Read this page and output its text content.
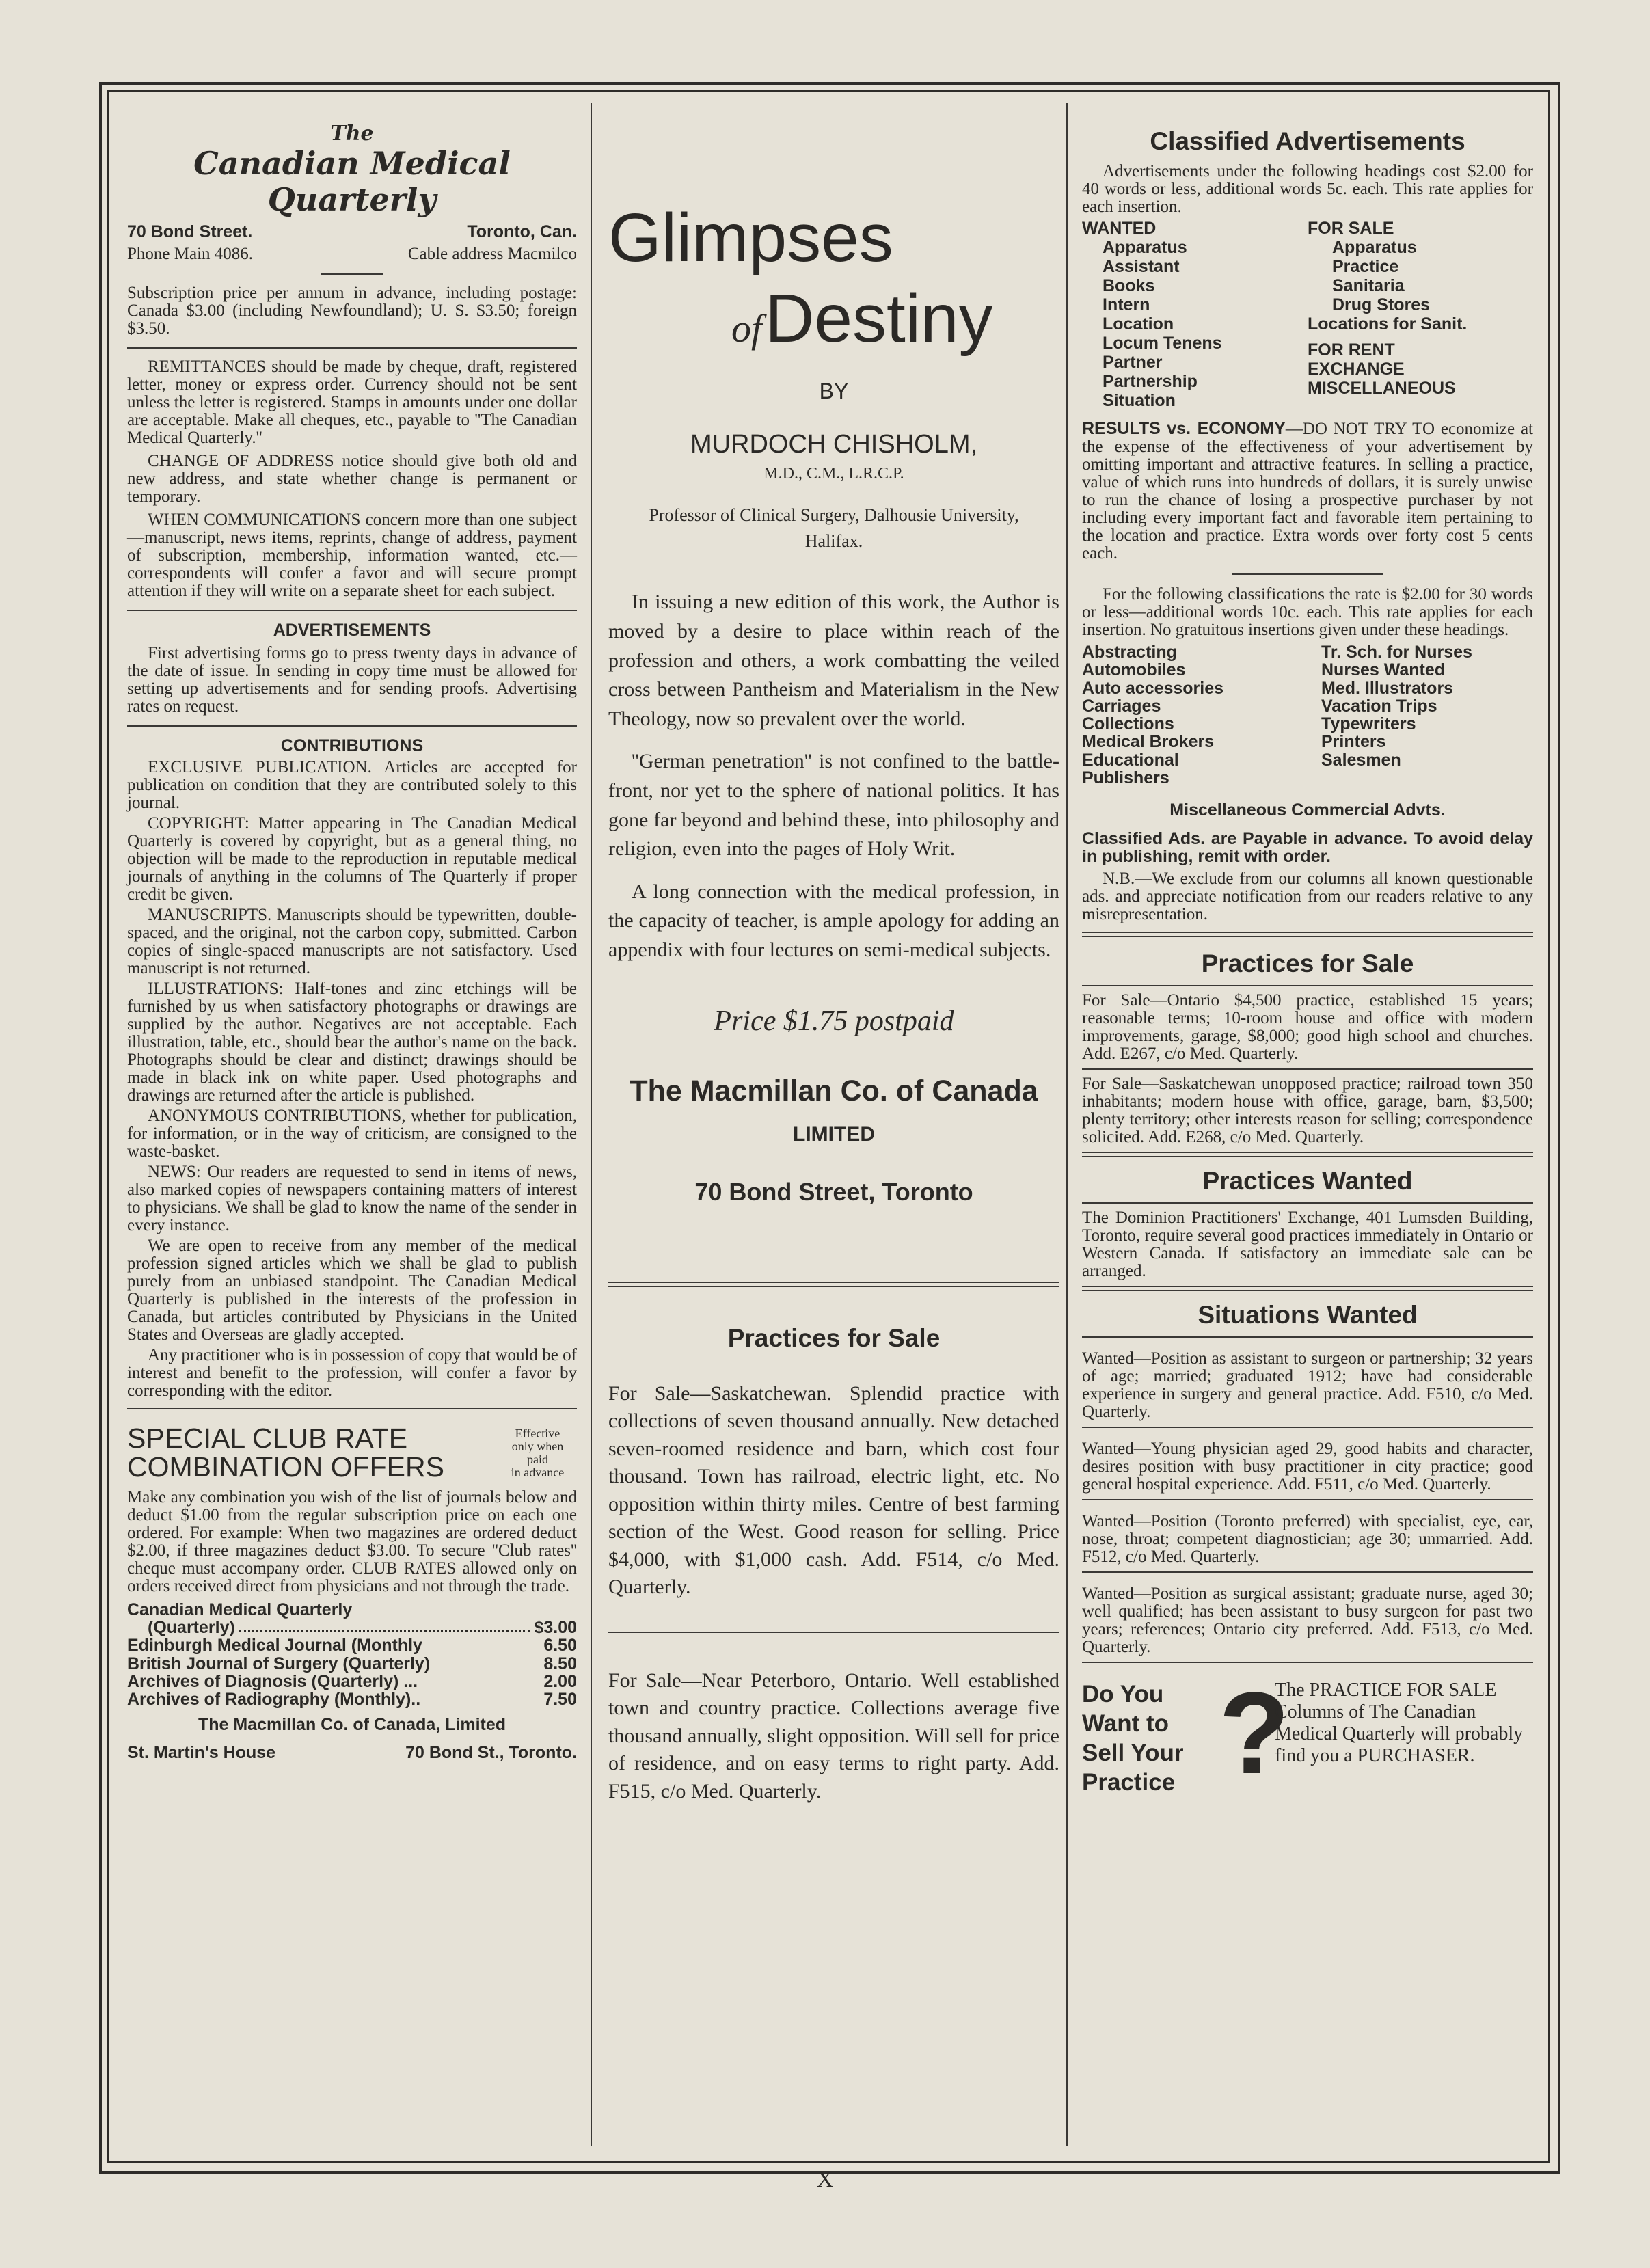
The
Canadian Medical Quarterly
70 Bond Street.	Toronto, Can.
Phone Main 4086.	Cable address Macmilco

Subscription price per annum in advance, including postage: Canada $3.00 (including Newfoundland); U. S. $3.50; foreign $3.50.

REMITTANCES should be made by cheque, draft, registered letter, money or express order. Currency should not be sent unless the letter is registered. Stamps in amounts under one dollar are acceptable. Make all cheques, etc., payable to ''The Canadian Medical Quarterly.''

CHANGE OF ADDRESS notice should give both old and new address, and state whether change is permanent or temporary.

WHEN COMMUNICATIONS concern more than one subject—manuscript, news items, reprints, change of address, payment of subscription, membership, information wanted, etc.—correspondents will confer a favor and will secure prompt attention if they will write on a separate sheet for each subject.

ADVERTISEMENTS

First advertising forms go to press twenty days in advance of the date of issue. In sending in copy time must be allowed for setting up advertisements and for sending proofs. Advertising rates on request.

CONTRIBUTIONS

EXCLUSIVE PUBLICATION. Articles are accepted for publication on condition that they are contributed solely to this journal.

COPYRIGHT: Matter appearing in The Canadian Medical Quarterly is covered by copyright, but as a general thing, no objection will be made to the reproduction in reputable medical journals of anything in the columns of The Quarterly if proper credit be given.

MANUSCRIPTS. Manuscripts should be typewritten, double-spaced, and the original, not the carbon copy, submitted. Carbon copies of single-spaced manuscripts are not satisfactory. Used manuscript is not returned.

ILLUSTRATIONS: Half-tones and zinc etchings will be furnished by us when satisfactory photographs or drawings are supplied by the author. Negatives are not acceptable. Each illustration, table, etc., should bear the author's name on the back. Photographs should be clear and distinct; drawings should be made in black ink on white paper. Used photographs and drawings are returned after the article is published.

ANONYMOUS CONTRIBUTIONS, whether for publication, for information, or in the way of criticism, are consigned to the waste-basket.

NEWS: Our readers are requested to send in items of news, also marked copies of newspapers containing matters of interest to physicians. We shall be glad to know the name of the sender in every instance.

We are open to receive from any member of the medical profession signed articles which we shall be glad to publish purely from an unbiased standpoint. The Canadian Medical Quarterly is published in the interests of the profession in Canada, but articles contributed by Physicians in the United States and Overseas are gladly accepted.

Any practitioner who is in possession of copy that would be of interest and benefit to the profession, will confer a favor by corresponding with the editor.

SPECIAL CLUB RATE
COMBINATION OFFERS
Effective
only when
paid
in advance

Make any combination you wish of the list of journals below and deduct $1.00 from the regular subscription price on each one ordered. For example: When two magazines are ordered deduct $2.00, if three magazines deduct $3.00. To secure ''Club rates'' cheque must accompany order. CLUB RATES allowed only on orders received direct from physicians and not through the trade.

Canadian Medical Quarterly
(Quarterly)	$3.00
Edinburgh Medical Journal (Monthly	6.50
British Journal of Surgery (Quarterly)	8.50
Archives of Diagnosis (Quarterly) ...	2.00
Archives of Radiography (Monthly)..	7.50
The Macmillan Co. of Canada, Limited
St. Martin's House	70 Bond St., Toronto.
Glimpses
of Destiny
BY
MURDOCH CHISHOLM,
M.D., C.M., L.R.C.P.
Professor of Clinical Surgery, Dalhousie University, Halifax.

In issuing a new edition of this work, the Author is moved by a desire to place within reach of the profession and others, a work combatting the veiled cross between Pantheism and Materialism in the New Theology, now so prevalent over the world.

''German penetration'' is not confined to the battle-front, nor yet to the sphere of national politics. It has gone far beyond and behind these, into philosophy and religion, even into the pages of Holy Writ.

A long connection with the medical profession, in the capacity of teacher, is ample apology for adding an appendix with four lectures on semi-medical subjects.

Price $1.75 postpaid
The Macmillan Co. of Canada
LIMITED
70 Bond Street, Toronto
Practices for Sale

For Sale—Saskatchewan. Splendid practice with collections of seven thousand annually. New detached seven-roomed residence and barn, which cost four thousand. Town has railroad, electric light, etc. No opposition within thirty miles. Centre of best farming section of the West. Good reason for selling. Price $4,000, with $1,000 cash. Add. F514, c/o Med. Quarterly.

For Sale—Near Peterboro, Ontario. Well established town and country practice. Collections average five thousand annually, slight opposition. Will sell for price of residence, and on easy terms to right party. Add. F515, c/o Med. Quarterly.

Classified Advertisements

Advertisements under the following headings cost $2.00 for 40 words or less, additional words 5c. each. This rate applies for each insertion.

WANTED
Apparatus
Assistant
Books
Intern
Location
Locum Tenens
Partner
Partnership
Situation
FOR SALE
Apparatus
Practice
Sanitaria
Drug Stores
Locations for Sanit.
FOR RENT
EXCHANGE
MISCELLANEOUS

RESULTS vs. ECONOMY—DO NOT TRY TO economize at the expense of the effectiveness of your advertisement by omitting important and attractive features. In selling a practice, value of which runs into hundreds of dollars, it is surely unwise to run the chance of losing a prospective purchaser by not including every important fact and favorable item pertaining to the location and practice. Extra words over forty cost 5 cents each.

For the following classifications the rate is $2.00 for 30 words or less—additional words 10c. each. This rate applies for each insertion. No gratuitous insertions given under these headings.

Abstracting
Automobiles
Auto accessories
Carriages
Collections
Medical Brokers
Educational
Publishers
Tr. Sch. for Nurses
Nurses Wanted
Med. Illustrators
Vacation Trips
Typewriters
Printers
Salesmen
Miscellaneous Commercial Advts.

Classified Ads. are Payable in advance. To avoid delay in publishing, remit with order.

N.B.—We exclude from our columns all known questionable ads. and appreciate notification from our readers relative to any misrepresentation.

Practices for Sale

For Sale—Ontario $4,500 practice, established 15 years; reasonable terms; 10-room house and office with modern improvements, garage, $8,000; good high school and churches. Add. E267, c/o Med. Quarterly.

For Sale—Saskatchewan unopposed practice; railroad town 350 inhabitants; modern house with office, garage, barn, $3,500; plenty territory; other interests reason for selling; correspondence solicited. Add. E268, c/o Med. Quarterly.

Practices Wanted

The Dominion Practitioners' Exchange, 401 Lumsden Building, Toronto, require several good practices immediately in Ontario or Western Canada. If satisfactory an immediate sale can be arranged.

Situations Wanted

Wanted—Position as assistant to surgeon or partnership; 32 years of age; married; graduated 1912; have had considerable experience in surgery and general practice. Add. F510, c/o Med. Quarterly.

Wanted—Young physician aged 29, good habits and character, desires position with busy practitioner in city practice; good general hospital experience. Add. F511, c/o Med. Quarterly.

Wanted—Position (Toronto preferred) with specialist, eye, ear, nose, throat; competent diagnostician; age 30; unmarried. Add. F512, c/o Med. Quarterly.

Wanted—Position as surgical assistant; graduate nurse, aged 30; well qualified; has been assistant to busy surgeon for past two years; references; Ontario city preferred. Add. F513, c/o Med. Quarterly.

Do You
Want to
Sell Your
Practice ?

The PRACTICE FOR SALE Columns of The Canadian Medical Quarterly will probably find you a PURCHASER.

X
